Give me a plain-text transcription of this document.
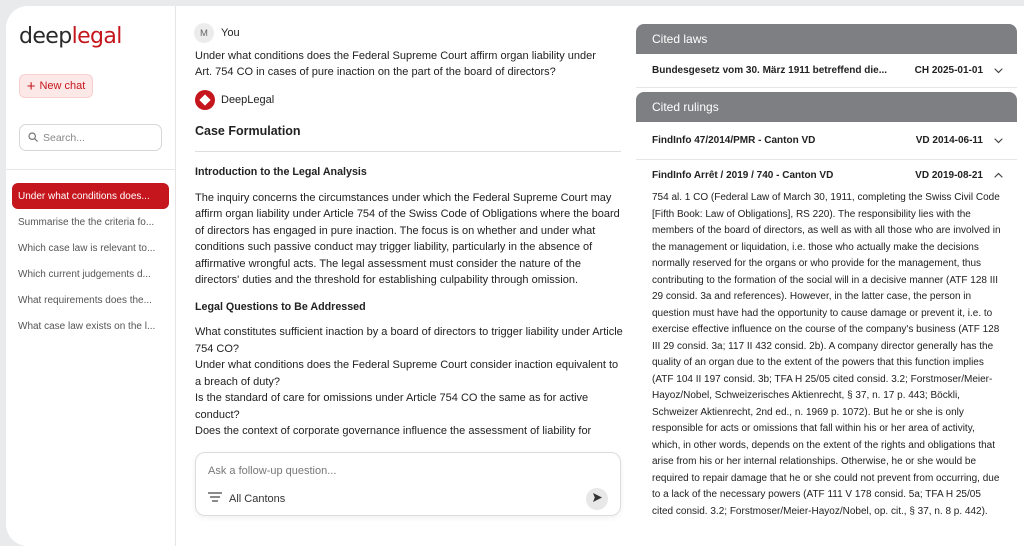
deeplegal
+ New chat
Search...
Under what conditions does...
Summarise the the criteria fo...
Which case law is relevant to...
Which current judgements d...
What requirements does the...
What case law exists on the l...
M	You
Under what conditions does the Federal Supreme Court affirm organ liability under Art. 754 CO in cases of pure inaction on the part of the board of directors?
DeepLegal
Case Formulation
Introduction to the Legal Analysis

The inquiry concerns the circumstances under which the Federal Supreme Court may affirm organ liability under Article 754 of the Swiss Code of Obligations where the board of directors has engaged in pure inaction. The focus is on whether and under what conditions such passive conduct may trigger liability, particularly in the absence of affirmative wrongful acts. The legal assessment must consider the nature of the directors' duties and the threshold for establishing culpability through omission.

Legal Questions to Be Addressed

What constitutes sufficient inaction by a board of directors to trigger liability under Article 754 CO?

Under what conditions does the Federal Supreme Court consider inaction equivalent to a breach of duty?

Is the standard of care for omissions under Article 754 CO the same as for active conduct?

Does the context of corporate governance influence the assessment of liability for

Ask a follow-up question...
All Cantons
Cited laws
Bundesgesetz vom 30. März 1911 betreffend die...	CH 2025-01-01
Cited rulings
FindInfo 47/2014/PMR - Canton VD	VD 2014-06-11
FindInfo Arrêt / 2019 / 740 - Canton VD	VD 2019-08-21
754 al. 1 CO (Federal Law of March 30, 1911, completing the Swiss Civil Code [Fifth Book: Law of Obligations], RS 220). The responsibility lies with the members of the board of directors, as well as with all those who are involved in the management or liquidation, i.e. those who actually make the decisions normally reserved for the organs or who provide for the management, thus contributing to the formation of the social will in a decisive manner (ATF 128 III 29 consid. 3a and references). However, in the latter case, the person in question must have had the opportunity to cause damage or prevent it, i.e. to exercise effective influence on the course of the company's business (ATF 128 III 29 consid. 3a; 117 II 432 consid. 2b). A company director generally has the quality of an organ due to the extent of the powers that this function implies (ATF 104 II 197 consid. 3b; TFA H 25/05 cited consid. 3.2; Forstmoser/Meier-Hayoz/Nobel, Schweizerisches Aktienrecht, § 37, n. 17 p. 443; Böckli, Schweizer Aktienrecht, 2nd ed., n. 1969 p. 1072). But he or she is only responsible for acts or omissions that fall within his or her area of activity, which, in other words, depends on the extent of the rights and obligations that arise from his or her internal relationships. Otherwise, he or she would be required to repair damage that he or she could not prevent from occurring, due to a lack of the necessary powers (ATF 111 V 178 consid. 5a; TFA H 25/05 cited consid. 3.2; Forstmoser/Meier-Hayoz/Nobel, op. cit., § 37, n. 8 p. 442).
